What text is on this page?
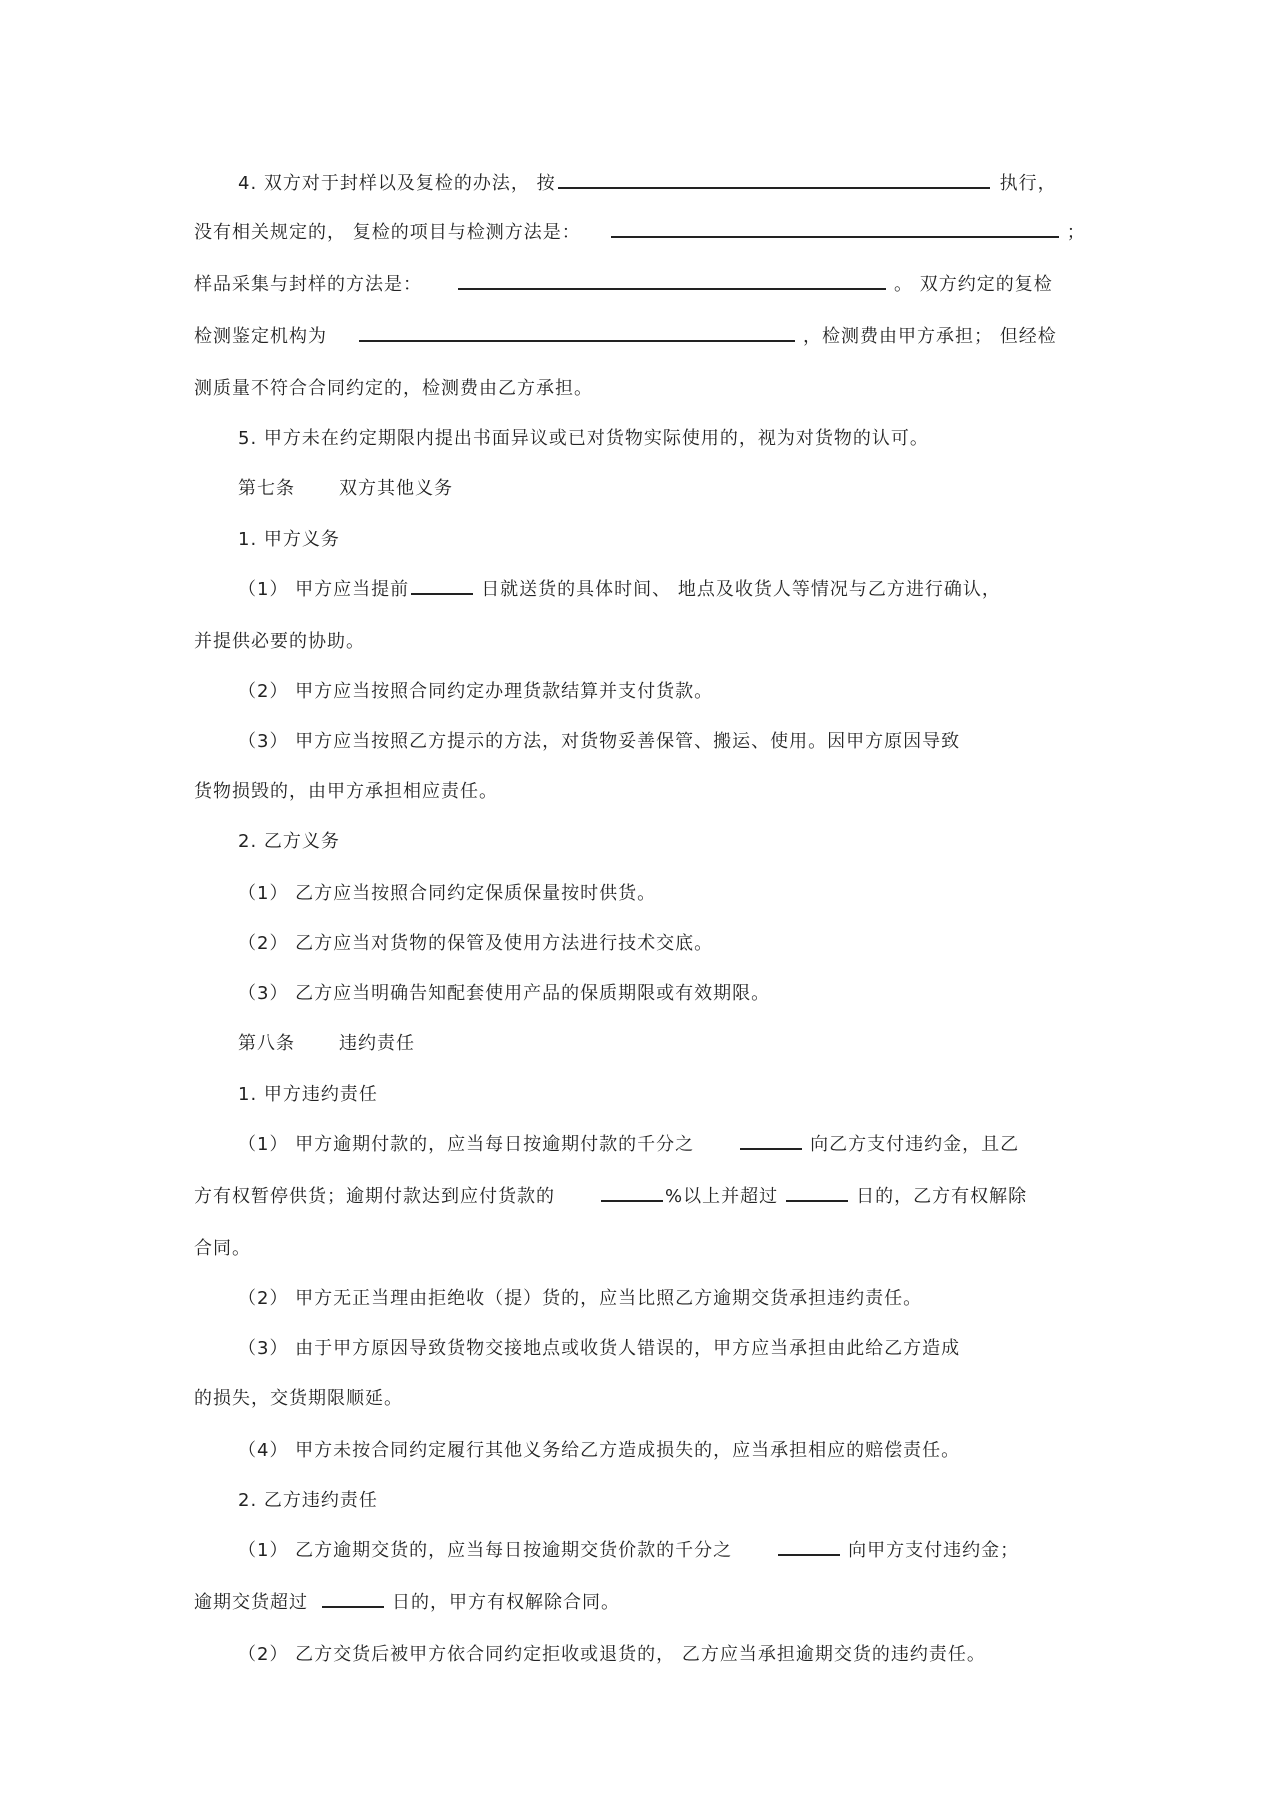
4. 双方对于封样以及复检的办法， 按	执行，
没有相关规定的， 复检的项目与检测方法是：	；
样品采集与封样的方法是：	。 双方约定的复检
检测鉴定机构为	，检测费由甲方承担； 但经检
测质量不符合合同约定的，检测费由乙方承担。
5. 甲方未在约定期限内提出书面异议或已对货物实际使用的，视为对货物的认可。
第七条 双方其他义务
1. 甲方义务
（1） 甲方应当提前	日就送货的具体时间、 地点及收货人等情况与乙方进行确认，
并提供必要的协助。
（2） 甲方应当按照合同约定办理货款结算并支付货款。
（3） 甲方应当按照乙方提示的方法，对货物妥善保管、搬运、使用。因甲方原因导致
货物损毁的，由甲方承担相应责任。
2. 乙方义务
（1） 乙方应当按照合同约定保质保量按时供货。
（2） 乙方应当对货物的保管及使用方法进行技术交底。
（3） 乙方应当明确告知配套使用产品的保质期限或有效期限。
第八条 违约责任
1. 甲方违约责任
（1） 甲方逾期付款的，应当每日按逾期付款的千分之	向乙方支付违约金，且乙
方有权暂停供货；逾期付款达到应付货款的	%以上并超过	日的，乙方有权解除
合同。
（2） 甲方无正当理由拒绝收（提）货的，应当比照乙方逾期交货承担违约责任。
（3） 由于甲方原因导致货物交接地点或收货人错误的，甲方应当承担由此给乙方造成
的损失，交货期限顺延。
（4） 甲方未按合同约定履行其他义务给乙方造成损失的，应当承担相应的赔偿责任。
2. 乙方违约责任
（1） 乙方逾期交货的，应当每日按逾期交货价款的千分之	向甲方支付违约金；
逾期交货超过	日的，甲方有权解除合同。
（2） 乙方交货后被甲方依合同约定拒收或退货的， 乙方应当承担逾期交货的违约责任。
